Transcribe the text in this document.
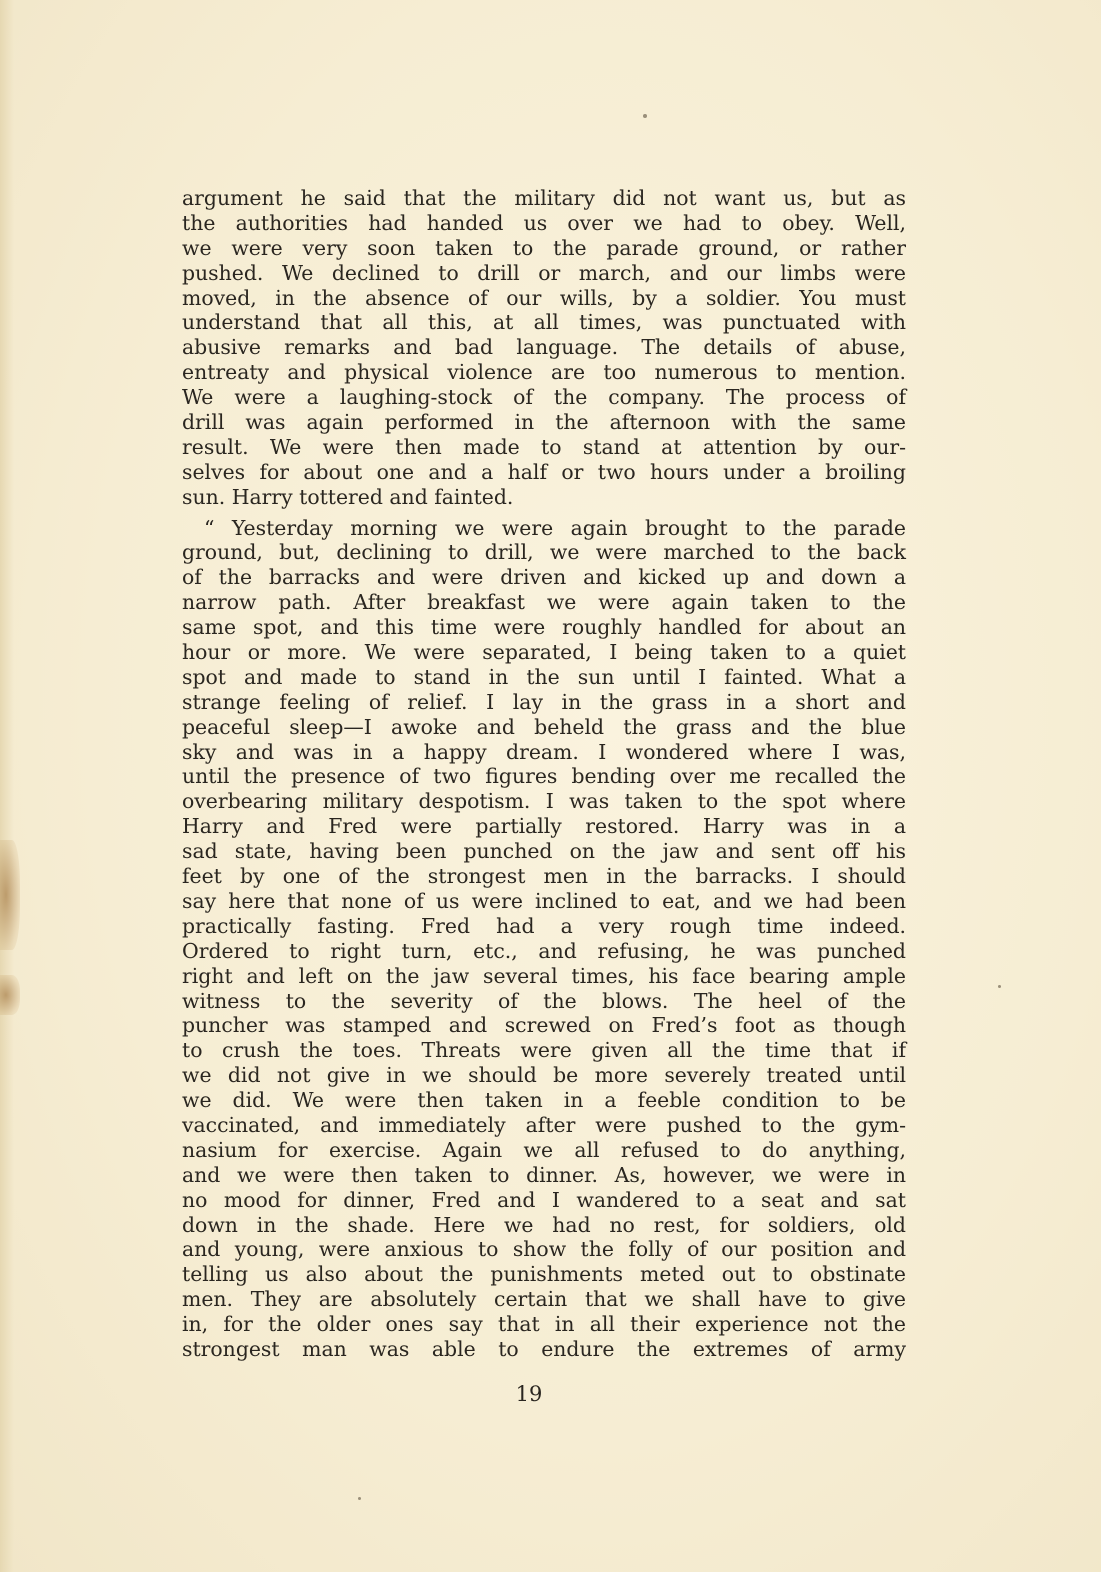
argument he said that the military did not want us, but as
the authorities had handed us over we had to obey. Well,
we were very soon taken to the parade ground, or rather
pushed. We declined to drill or march, and our limbs were
moved, in the absence of our wills, by a soldier. You must
understand that all this, at all times, was punctuated with
abusive remarks and bad language. The details of abuse,
entreaty and physical violence are too numerous to mention.
We were a laughing-stock of the company. The process of
drill was again performed in the afternoon with the same
result. We were then made to stand at attention by our-
selves for about one and a half or two hours under a broiling
sun. Harry tottered and fainted.
“ Yesterday morning we were again brought to the parade
ground, but, declining to drill, we were marched to the back
of the barracks and were driven and kicked up and down a
narrow path. After breakfast we were again taken to the
same spot, and this time were roughly handled for about an
hour or more. We were separated, I being taken to a quiet
spot and made to stand in the sun until I fainted. What a
strange feeling of relief. I lay in the grass in a short and
peaceful sleep—I awoke and beheld the grass and the blue
sky and was in a happy dream. I wondered where I was,
until the presence of two figures bending over me recalled the
overbearing military despotism. I was taken to the spot where
Harry and Fred were partially restored. Harry was in a
sad state, having been punched on the jaw and sent off his
feet by one of the strongest men in the barracks. I should
say here that none of us were inclined to eat, and we had been
practically fasting. Fred had a very rough time indeed.
Ordered to right turn, etc., and refusing, he was punched
right and left on the jaw several times, his face bearing ample
witness to the severity of the blows. The heel of the
puncher was stamped and screwed on Fred’s foot as though
to crush the toes. Threats were given all the time that if
we did not give in we should be more severely treated until
we did. We were then taken in a feeble condition to be
vaccinated, and immediately after were pushed to the gym-
nasium for exercise. Again we all refused to do anything,
and we were then taken to dinner. As, however, we were in
no mood for dinner, Fred and I wandered to a seat and sat
down in the shade. Here we had no rest, for soldiers, old
and young, were anxious to show the folly of our position and
telling us also about the punishments meted out to obstinate
men. They are absolutely certain that we shall have to give
in, for the older ones say that in all their experience not the
strongest man was able to endure the extremes of army
19
